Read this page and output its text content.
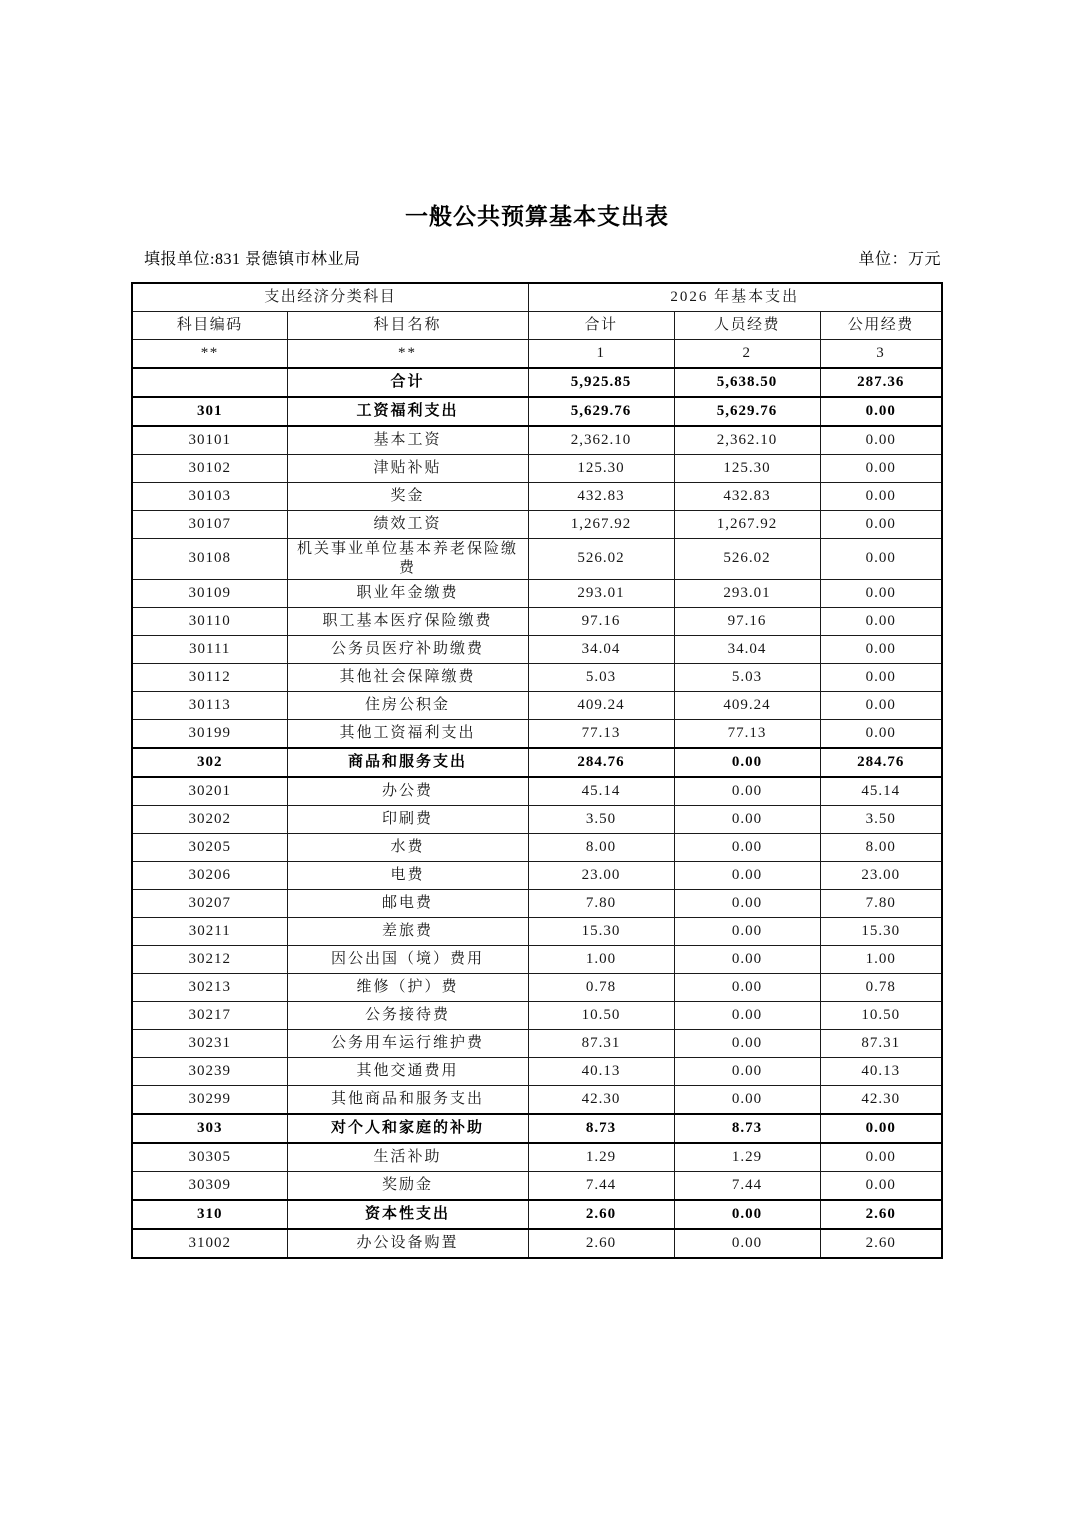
一般公共预算基本支出表
填报单位:831 景德镇市林业局	单位：万元
支出经济分类科目		2026 年基本支出		
科目编码	科目名称	合计	人员经费	公用经费
**	**	1	2	3
	合计	5,925.85	5,638.50	287.36
301	工资福利支出	5,629.76	5,629.76	0.00
30101	基本工资	2,362.10	2,362.10	0.00
30102	津贴补贴	125.30	125.30	0.00
30103	奖金	432.83	432.83	0.00
30107	绩效工资	1,267.92	1,267.92	0.00
30108	机关事业单位基本养老保险缴费	526.02	526.02	0.00
30109	职业年金缴费	293.01	293.01	0.00
30110	职工基本医疗保险缴费	97.16	97.16	0.00
30111	公务员医疗补助缴费	34.04	34.04	0.00
30112	其他社会保障缴费	5.03	5.03	0.00
30113	住房公积金	409.24	409.24	0.00
30199	其他工资福利支出	77.13	77.13	0.00
302	商品和服务支出	284.76	0.00	284.76
30201	办公费	45.14	0.00	45.14
30202	印刷费	3.50	0.00	3.50
30205	水费	8.00	0.00	8.00
30206	电费	23.00	0.00	23.00
30207	邮电费	7.80	0.00	7.80
30211	差旅费	15.30	0.00	15.30
30212	因公出国（境）费用	1.00	0.00	1.00
30213	维修（护）费	0.78	0.00	0.78
30217	公务接待费	10.50	0.00	10.50
30231	公务用车运行维护费	87.31	0.00	87.31
30239	其他交通费用	40.13	0.00	40.13
30299	其他商品和服务支出	42.30	0.00	42.30
303	对个人和家庭的补助	8.73	8.73	0.00
30305	生活补助	1.29	1.29	0.00
30309	奖励金	7.44	7.44	0.00
310	资本性支出	2.60	0.00	2.60
31002	办公设备购置	2.60	0.00	2.60
